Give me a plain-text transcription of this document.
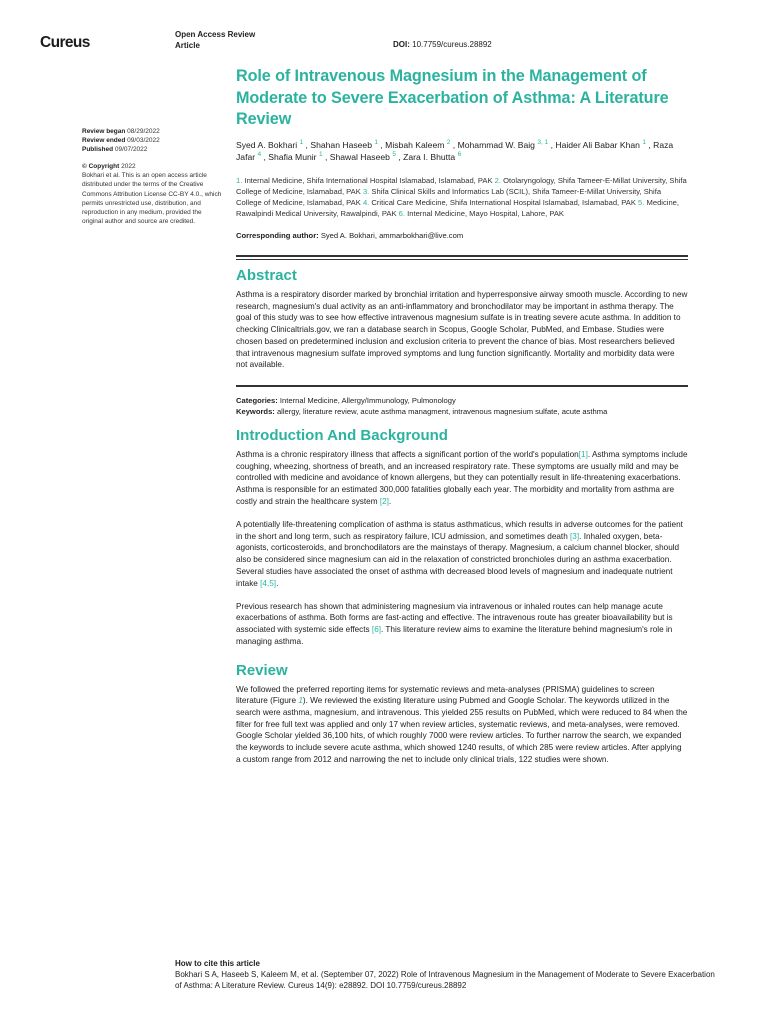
Cureus	Open Access Review
Article	DOI: 10.7759/cureus.28892
Review began 08/29/2022
Review ended 09/03/2022
Published 09/07/2022
© Copyright 2022
Bokhari et al. This is an open access article distributed under the terms of the Creative Commons Attribution License CC-BY 4.0., which permits unrestricted use, distribution, and reproduction in any medium, provided the original author and source are credited.
Role of Intravenous Magnesium in the Management of Moderate to Severe Exacerbation of Asthma: A Literature Review
Syed A. Bokhari $^1$ , Shahan Haseeb $^1$ , Misbah Kaleem $^2$ , Mohammad W. Baig $^{3, 1}$ , Haider Ali Babar Khan $^1$ , Raza Jafar $^4$ , Shafia Munir $^1$ , Shawal Haseeb $^5$ , Zara I. Bhutta $^6$
1. Internal Medicine, Shifa International Hospital Islamabad, Islamabad, PAK 2. Otolaryngology, Shifa Tameer-E-Millat University, Shifa College of Medicine, Islamabad, PAK 3. Shifa Clinical Skills and Informatics Lab (SCIL), Shifa Tameer-E-Millat University, Shifa College of Medicine, Islamabad, PAK 4. Critical Care Medicine, Shifa International Hospital Islamabad, Islamabad, PAK 5. Medicine, Rawalpindi Medical University, Rawalpindi, PAK 6. Internal Medicine, Mayo Hospital, Lahore, PAK
Corresponding author: Syed A. Bokhari, ammarbokhari@live.com
Abstract

Asthma is a respiratory disorder marked by bronchial irritation and hyperresponsive airway smooth muscle. According to new research, magnesium's dual activity as an anti-inflammatory and bronchodilator may be important in asthma therapy. The goal of this study was to see how effective intravenous magnesium sulfate is in treating severe acute asthma. In addition to checking Clinicaltrials.gov, we ran a database search in Scopus, Google Scholar, PubMed, and Embase. Studies were chosen based on predetermined inclusion and exclusion criteria to prevent the chance of bias. Most researchers believed that intravenous magnesium sulfate improved symptoms and lung function significantly. Mortality and morbidity data were not available.

Categories: Internal Medicine, Allergy/Immunology, Pulmonology
Keywords: allergy, literature review, acute asthma managment, intravenous magnesium sulfate, acute asthma
Introduction And Background

Asthma is a chronic respiratory illness that affects a significant portion of the world's population[1]. Asthma symptoms include coughing, wheezing, shortness of breath, and an increased respiratory rate. These symptoms are usually mild and may be controlled with medicine and avoidance of known allergens, but they can potentially result in life-threatening exacerbations. Asthma is responsible for an estimated 300,000 fatalities globally each year. The morbidity and mortality from asthma are costly and strain the healthcare system [2].

A potentially life-threatening complication of asthma is status asthmaticus, which results in adverse outcomes for the patient in the short and long term, such as respiratory failure, ICU admission, and sometimes death [3]. Inhaled oxygen, beta-agonists, corticosteroids, and bronchodilators are the mainstays of therapy. Magnesium, a calcium channel blocker, should also be considered since magnesium can aid in the relaxation of constricted bronchioles during an asthma exacerbation. Several studies have associated the onset of asthma with decreased blood levels of magnesium and inadequate nutrient intake [4,5].

Previous research has shown that administering magnesium via intravenous or inhaled routes can help manage acute exacerbations of asthma. Both forms are fast-acting and effective. The intravenous route has greater bioavailability but is associated with systemic side effects [6]. This literature review aims to examine the literature behind magnesium's role in managing asthma.

Review

We followed the preferred reporting items for systematic reviews and meta-analyses (PRISMA) guidelines to screen literature (Figure 1). We reviewed the existing literature using Pubmed and Google Scholar. The keywords utilized in the search were asthma, magnesium, and intravenous. This yielded 255 results on PubMed, which were reduced to 84 when the filter for free full text was applied and only 17 when review articles, systematic reviews, and meta-analyses, were removed. Google Scholar yielded 36,100 hits, of which roughly 7000 were review articles. To further narrow the search, we expanded the keywords to include severe acute asthma, which showed 1240 results, of which 285 were review articles. After applying a custom range from 2012 and narrowing the net to include only clinical trials, 122 studies were shown.

How to cite this article
Bokhari S A, Haseeb S, Kaleem M, et al. (September 07, 2022) Role of Intravenous Magnesium in the Management of Moderate to Severe Exacerbation of Asthma: A Literature Review. Cureus 14(9): e28892. DOI 10.7759/cureus.28892
